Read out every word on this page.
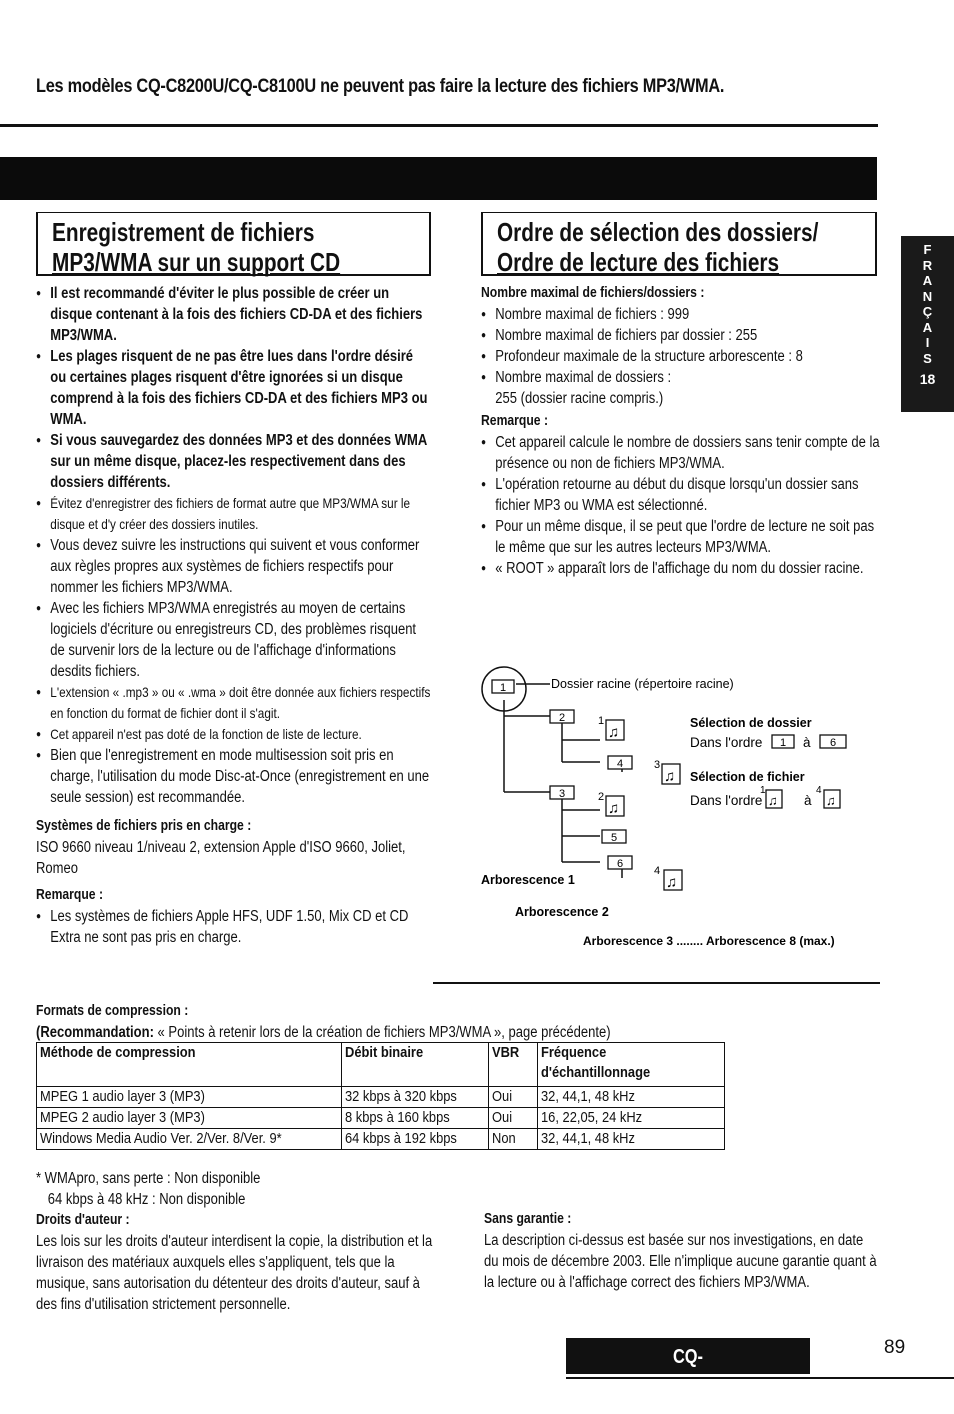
Les modèles CQ-C8200U/CQ-C8100U ne peuvent pas faire la lecture des fichiers MP3/WMA.
F
R
A
N
Ç
A
I
S
18
Enregistrement de fichiers
MP3/WMA sur un support CD
Ordre de sélection des dossiers/
Ordre de lecture des fichiers
● Il est recommandé d'éviter le plus possible de créer un disque contenant à la fois des fichiers CD-DA et des fichiers MP3/WMA.
● Les plages risquent de ne pas être lues dans l'ordre désiré ou certaines plages risquent d'être ignorées si un disque comprend à la fois des fichiers CD-DA et des fichiers MP3 ou WMA.
● Si vous sauvegardez des données MP3 et des données WMA sur un même disque, placez-les respectivement dans des dossiers différents.
● Évitez d'enregistrer des fichiers de format autre que MP3/WMA sur le disque et d'y créer des dossiers inutiles.
● Vous devez suivre les instructions qui suivent et vous conformer aux règles propres aux systèmes de fichiers respectifs pour nommer les fichiers MP3/WMA.
● Avec les fichiers MP3/WMA enregistrés au moyen de certains logiciels d'écriture ou enregistreurs CD, des problèmes risquent de survenir lors de la lecture ou de l'affichage d'informations desdits fichiers.
● L'extension « .mp3 » ou « .wma » doit être donnée aux fichiers respectifs en fonction du format de fichier dont il s'agit.
● Cet appareil n'est pas doté de la fonction de liste de lecture.
● Bien que l'enregistrement en mode multisession soit pris en charge, l'utilisation du mode Disc-at-Once (enregistrement en une seule session) est recommandée.
Systèmes de fichiers pris en charge :
ISO 9660 niveau 1/niveau 2, extension Apple d'ISO 9660, Joliet, Romeo
Remarque :
● Les systèmes de fichiers Apple HFS, UDF 1.50, Mix CD et CD Extra ne sont pas pris en charge.
Nombre maximal de fichiers/dossiers :
● Nombre maximal de fichiers : 999
● Nombre maximal de fichiers par dossier : 255
● Profondeur maximale de la structure arborescente : 8
● Nombre maximal de dossiers :
255 (dossier racine compris.)
Remarque :
● Cet appareil calcule le nombre de dossiers sans tenir compte de la présence ou non de fichiers MP3/WMA.
● L'opération retourne au début du disque lorsqu'un dossier sans fichier MP3 ou WMA est sélectionné.
● Pour un même disque, il se peut que l'ordre de lecture ne soit pas le même que sur les autres lecteurs MP3/WMA.
● « ROOT » apparaît lors de l'affichage du nom du dossier racine.
1
2
4
3
5
6
1
♫
3
♫
2
♫
4
♫
Dossier racine (répertoire racine)
Sélection de dossier
Dans l'ordre 1 à 6
Sélection de fichier
Dans l'ordre
1
♫ à
4
♫
Arborescence 1
Arborescence 2
Arborescence 3 ........ Arborescence 8 (max.)
Formats de compression :
(Recommandation: « Points à retenir lors de la création de fichiers MP3/WMA », page précédente)
Méthode de compression	Débit binaire	VBR	Fréquence d'échantillonnage

MPEG 1 audio layer 3 (MP3)	32 kbps à 320 kbps	Oui	32, 44,1, 48 kHz

MPEG 2 audio layer 3 (MP3)	8 kbps à 160 kbps	Oui	16, 22,05, 24 kHz

Windows Media Audio Ver. 2/Ver. 8/Ver. 9*	64 kbps à 192 kbps	Non	32, 44,1, 48 kHz
* WMApro, sans perte : Non disponible
64 kbps à 48 kHz : Non disponible
Droits d'auteur :
Les lois sur les droits d'auteur interdisent la copie, la distribution et la livraison des matériaux auxquels elles s'appliquent, tels que la musique, sans autorisation du détenteur des droits d'auteur, sauf à des fins d'utilisation strictement personnelle.
Sans garantie :
La description ci-dessus est basée sur nos investigations, en date du mois de décembre 2003. Elle n'implique aucune garantie quant à la lecture ou à l'affichage correct des fichiers MP3/WMA.
CQ-C8400/8300/8200/8100U
89
